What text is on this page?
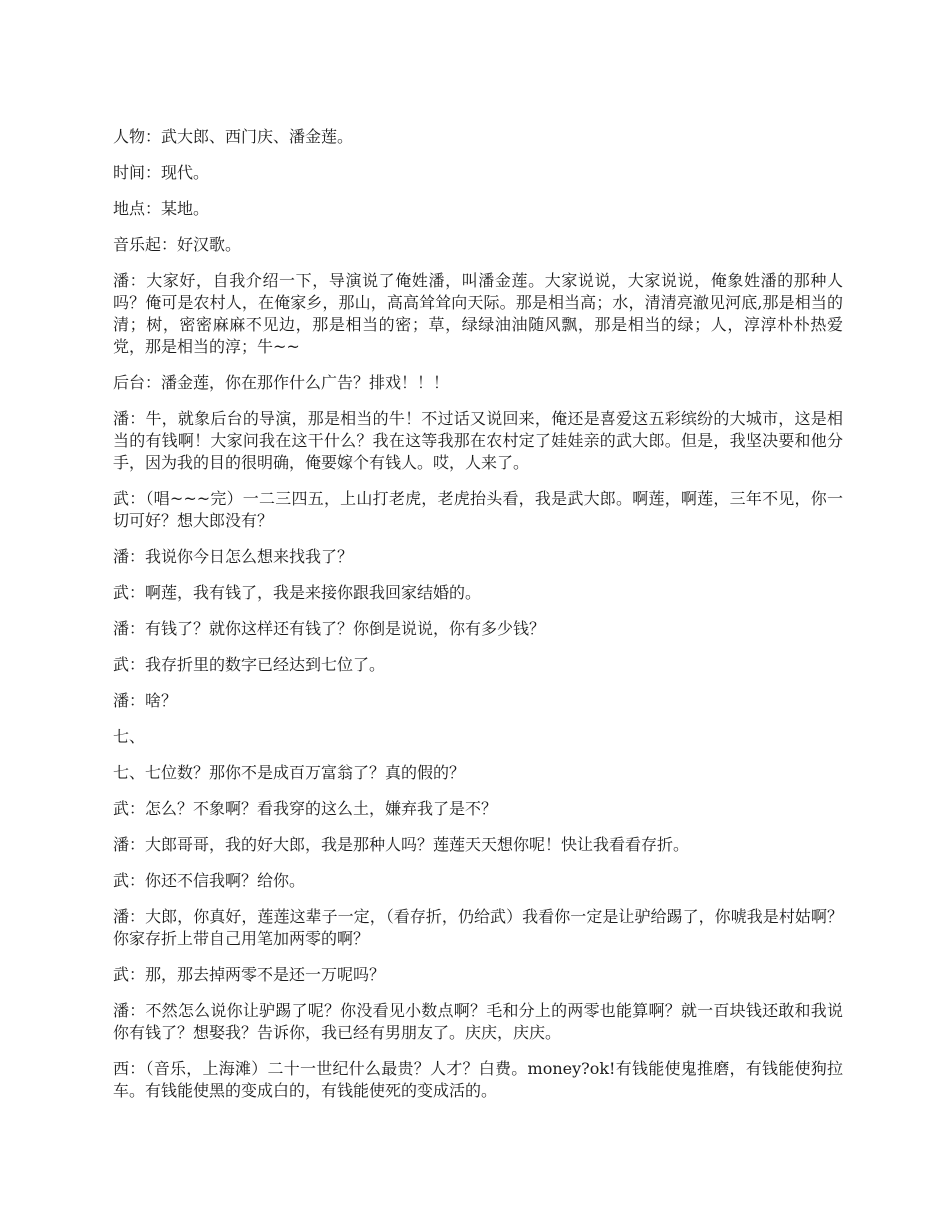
人物：武大郎、西门庆、潘金莲。

时间：现代。

地点：某地。

音乐起：好汉歌。

潘：大家好，自我介绍一下，导演说了俺姓潘，叫潘金莲。大家说说，大家说说，俺象姓潘的那种人吗？俺可是农村人，在俺家乡，那山，高高耸耸向天际。那是相当高；水，清清亮澈见河底,那是相当的清；树，密密麻麻不见边，那是相当的密；草，绿绿油油随风飘，那是相当的绿；人，淳淳朴朴热爱党，那是相当的淳；牛~~

后台：潘金莲，你在那作什么广告？排戏！！！

潘：牛，就象后台的导演，那是相当的牛！不过话又说回来，俺还是喜爱这五彩缤纷的大城市，这是相当的有钱啊！大家问我在这干什么？我在这等我那在农村定了娃娃亲的武大郎。但是，我坚决要和他分手，因为我的目的很明确，俺要嫁个有钱人。哎，人来了。

武：（唱~~~完）一二三四五，上山打老虎，老虎抬头看，我是武大郎。啊莲，啊莲，三年不见，你一切可好？想大郎没有？

潘：我说你今日怎么想来找我了？

武：啊莲，我有钱了，我是来接你跟我回家结婚的。

潘：有钱了？就你这样还有钱了？你倒是说说，你有多少钱？

武：我存折里的数字已经达到七位了。

潘：啥？

七、

七、七位数？那你不是成百万富翁了？真的假的？

武：怎么？不象啊？看我穿的这么土，嫌弃我了是不？

潘：大郎哥哥，我的好大郎，我是那种人吗？莲莲天天想你呢！快让我看看存折。

武：你还不信我啊？给你。

潘：大郎，你真好，莲莲这辈子一定，（看存折，仍给武）我看你一定是让驴给踢了，你唬我是村姑啊？你家存折上带自己用笔加两零的啊？

武：那，那去掉两零不是还一万呢吗？

潘：不然怎么说你让驴踢了呢？你没看见小数点啊？毛和分上的两零也能算啊？就一百块钱还敢和我说你有钱了？想娶我？告诉你，我已经有男朋友了。庆庆，庆庆。

西：（音乐，上海滩）二十一世纪什么最贵？人才？白费。money?ok!有钱能使鬼推磨，有钱能使狗拉车。有钱能使黑的变成白的，有钱能使死的变成活的。
